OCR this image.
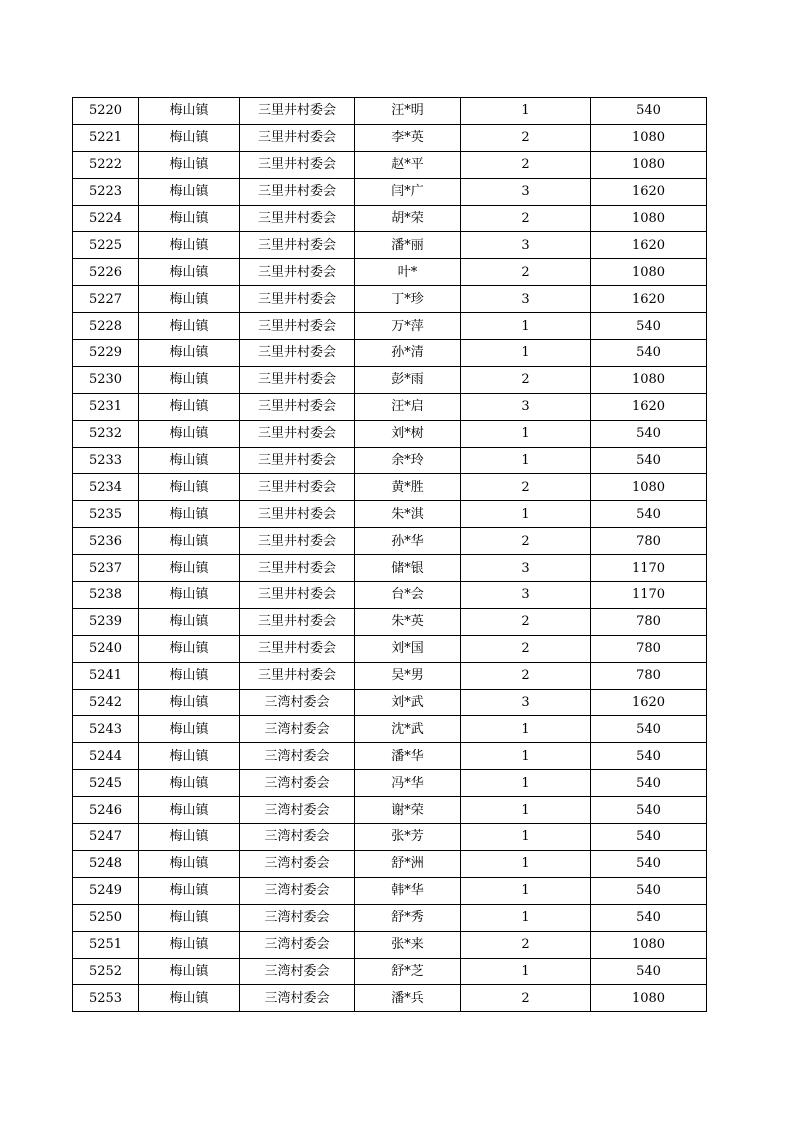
5220	梅山镇	三里井村委会	汪*明	1	540
5221	梅山镇	三里井村委会	李*英	2	1080
5222	梅山镇	三里井村委会	赵*平	2	1080
5223	梅山镇	三里井村委会	闫*广	3	1620
5224	梅山镇	三里井村委会	胡*荣	2	1080
5225	梅山镇	三里井村委会	潘*丽	3	1620
5226	梅山镇	三里井村委会	叶*	2	1080
5227	梅山镇	三里井村委会	丁*珍	3	1620
5228	梅山镇	三里井村委会	万*萍	1	540
5229	梅山镇	三里井村委会	孙*清	1	540
5230	梅山镇	三里井村委会	彭*雨	2	1080
5231	梅山镇	三里井村委会	汪*启	3	1620
5232	梅山镇	三里井村委会	刘*树	1	540
5233	梅山镇	三里井村委会	余*玲	1	540
5234	梅山镇	三里井村委会	黄*胜	2	1080
5235	梅山镇	三里井村委会	朱*淇	1	540
5236	梅山镇	三里井村委会	孙*华	2	780
5237	梅山镇	三里井村委会	储*银	3	1170
5238	梅山镇	三里井村委会	台*会	3	1170
5239	梅山镇	三里井村委会	朱*英	2	780
5240	梅山镇	三里井村委会	刘*国	2	780
5241	梅山镇	三里井村委会	吴*男	2	780
5242	梅山镇	三湾村委会	刘*武	3	1620
5243	梅山镇	三湾村委会	沈*武	1	540
5244	梅山镇	三湾村委会	潘*华	1	540
5245	梅山镇	三湾村委会	冯*华	1	540
5246	梅山镇	三湾村委会	谢*荣	1	540
5247	梅山镇	三湾村委会	张*芳	1	540
5248	梅山镇	三湾村委会	舒*洲	1	540
5249	梅山镇	三湾村委会	韩*华	1	540
5250	梅山镇	三湾村委会	舒*秀	1	540
5251	梅山镇	三湾村委会	张*来	2	1080
5252	梅山镇	三湾村委会	舒*芝	1	540
5253	梅山镇	三湾村委会	潘*兵	2	1080
